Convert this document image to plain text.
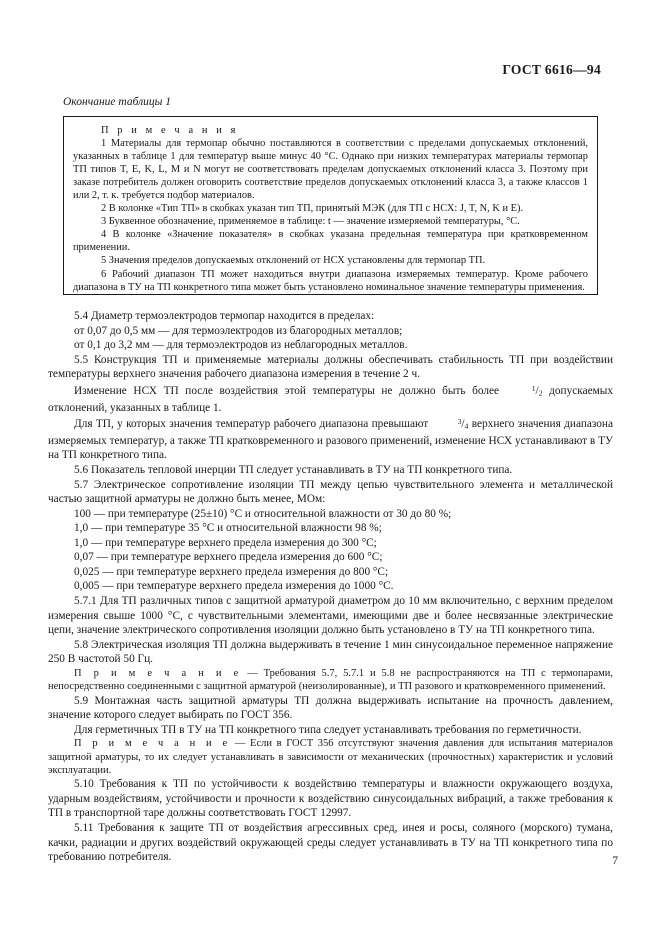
ГОСТ 6616—94
Окончание таблицы 1

П р и м е ч а н и я

1 Материалы для термопар обычно поставляются в соответствии с пределами допускаемых отклонений, указанных в таблице 1 для температур выше минус 40 °С. Однако при низких температурах материалы термопар ТП типов T, E, K, L, M и N могут не соответствовать пределам допускаемых отклонений класса 3. Поэтому при заказе потребитель должен оговорить соответствие пределов допускаемых отклонений класса 3, а также классов 1 или 2, т. к. требуется подбор материалов.

2 В колонке «Тип ТП» в скобках указан тип ТП, принятый МЭК (для ТП с НСХ: J, T, N, K и E).

3 Буквенное обозначение, применяемое в таблице: t — значение измеряемой температуры, °С.

4 В колонке «Значение показателя» в скобках указана предельная температура при кратковременном применении.

5 Значения пределов допускаемых отклонений от НСХ установлены для термопар ТП.

6 Рабочий диапазон ТП может находиться внутри диапазона измеряемых температур. Кроме рабочего диапазона в ТУ на ТП конкретного типа может быть установлено номинальное значение температуры применения.

5.4 Диаметр термоэлектродов термопар находится в пределах:

от 0,07 до 0,5 мм — для термоэлектродов из благородных металлов;

от 0,1 до 3,2 мм — для термоэлектродов из неблагородных металлов.

5.5 Конструкция ТП и применяемые материалы должны обеспечивать стабильность ТП при воздействии температуры верхнего значения рабочего диапазона измерения в течение 2 ч.

Изменение НСХ ТП после воздействия этой температуры не должно быть более	$^1$/2 допускаемых отклонений, указанных в таблице 1.

Для ТП, у которых значения температур рабочего диапазона превышают	$^3$/4 верхнего значения диапазона измеряемых температур, а также ТП кратковременного и разового применений, изменение НСХ устанавливают в ТУ на ТП конкретного типа.

5.6 Показатель тепловой инерции ТП следует устанавливать в ТУ на ТП конкретного типа.

5.7 Электрическое сопротивление изоляции ТП между цепью чувствительного элемента и металлической частью защитной арматуры не должно быть менее, МОм:

100 — при температуре (25±10) °С и относительной влажности от 30 до 80 %;

1,0 — при температуре 35 °С и относительной влажности 98 %;

1,0 — при температуре верхнего предела измерения до 300 °С;

0,07 — при температуре верхнего предела измерения до 600 °С;

0,025 — при температуре верхнего предела измерения до 800 °С;

0,005 — при температуре верхнего предела измерения до 1000 °С.

5.7.1 Для ТП различных типов с защитной арматурой диаметром до 10 мм включительно, с верхним пределом измерения свыше 1000 °С, с чувствительными элементами, имеющими две и более несвязанные электрические цепи, значение электрического сопротивления изоляции должно быть установлено в ТУ на ТП конкретного типа.

5.8 Электрическая изоляция ТП должна выдерживать в течение 1 мин синусоидальное переменное напряжение 250 В частотой 50 Гц.

П р и м е ч а н и е — Требования 5.7, 5.7.1 и 5.8 не распространяются на ТП с термопарами, непосредственно соединенными с защитной арматурой (неизолированные), и ТП разового и кратковременного применений.

5.9 Монтажная часть защитной арматуры ТП должна выдерживать испытание на прочность давлением, значение которого следует выбирать по ГОСТ 356.

Для герметичных ТП в ТУ на ТП конкретного типа следует устанавливать требования по герметичности.

П р и м е ч а н и е — Если в ГОСТ 356 отсутствуют значения давления для испытания материалов защитной арматуры, то их следует устанавливать в зависимости от механических (прочностных) характеристик и условий эксплуатации.

5.10 Требования к ТП по устойчивости к воздействию температуры и влажности окружающего воздуха, ударным воздействиям, устойчивости и прочности к воздействию синусоидальных вибраций, а также требования к ТП в транспортной таре должны соответствовать ГОСТ 12997.

5.11 Требования к защите ТП от воздействия агрессивных сред, инея и росы, соляного (морского) тумана, качки, радиации и других воздействий окружающей среды следует устанавливать в ТУ на ТП конкретного типа по требованию потребителя.	7
